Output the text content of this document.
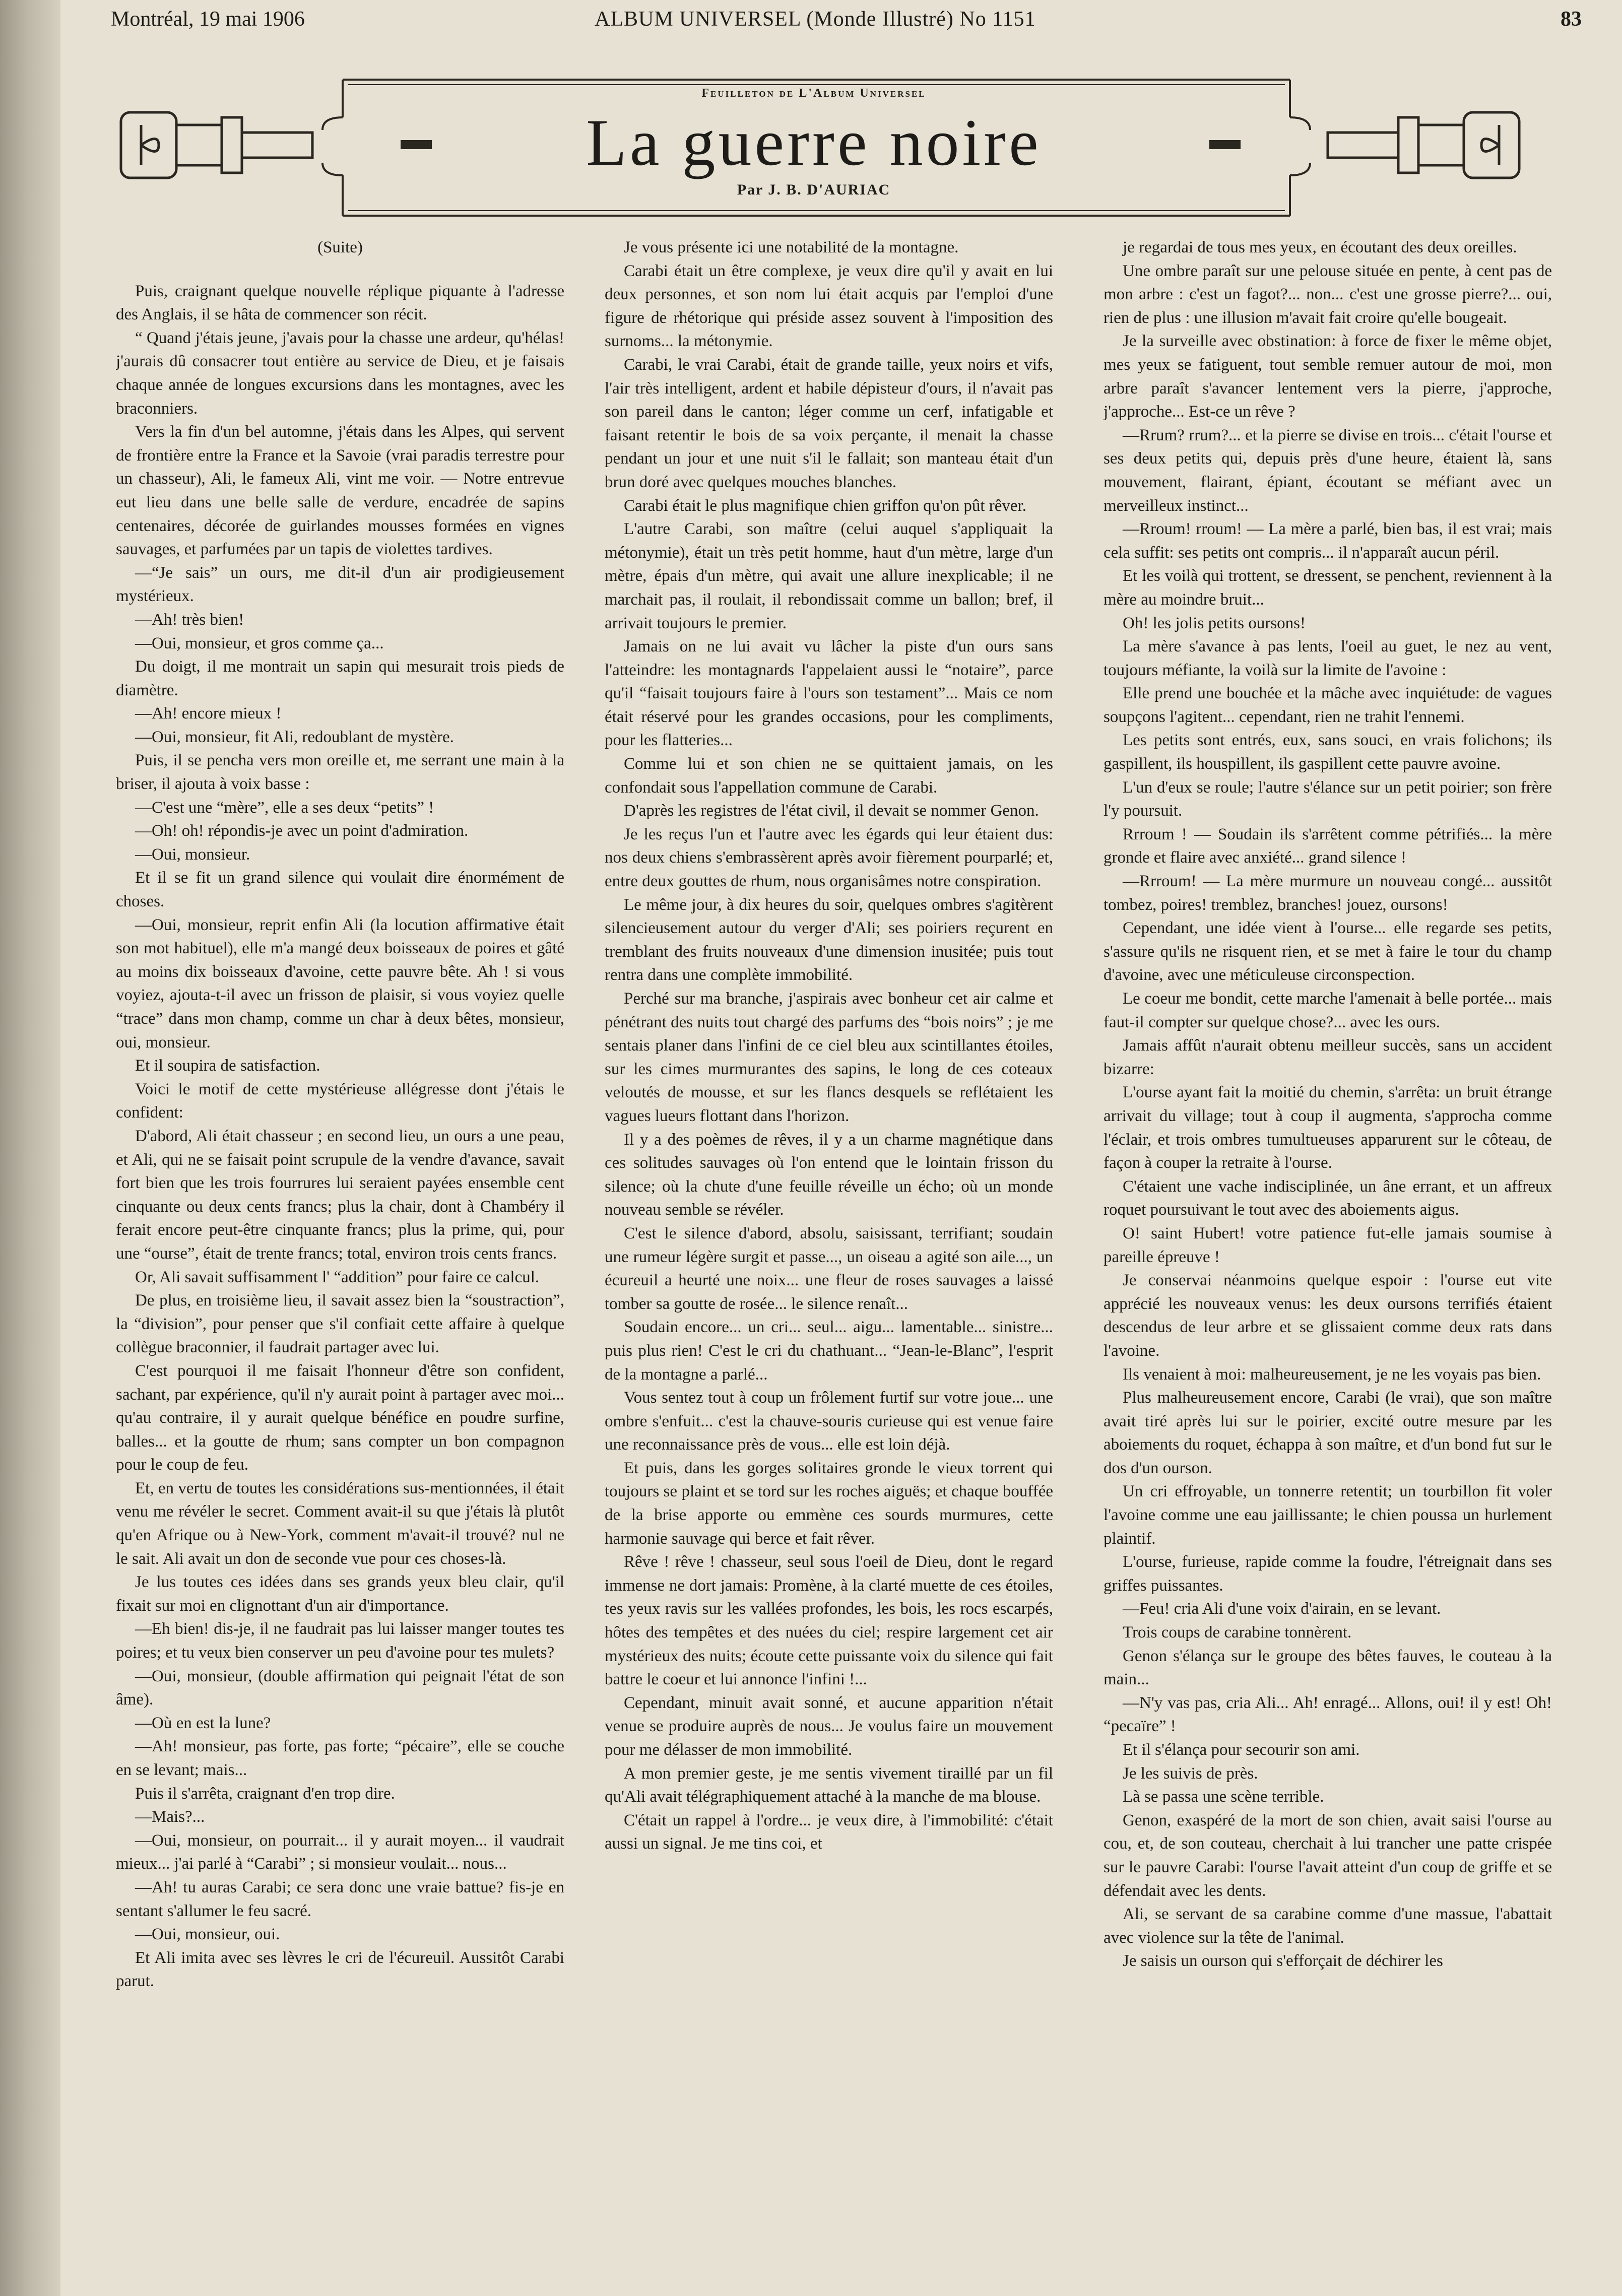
Montréal, 19 mai 1906	ALBUM UNIVERSEL (Monde Illustré) No 1151	83
Feuilleton de L'Album Universel
La guerre noire
Par J. B. D'AURIAC

(Suite)

Puis, craignant quelque nouvelle réplique piquante à l'adresse des Anglais, il se hâta de commencer son récit.

“ Quand j'étais jeune, j'avais pour la chasse une ardeur, qu'hélas! j'aurais dû consacrer tout entière au service de Dieu, et je faisais chaque année de longues excursions dans les montagnes, avec les braconniers.

Vers la fin d'un bel automne, j'étais dans les Alpes, qui servent de frontière entre la France et la Savoie (vrai paradis terrestre pour un chasseur), Ali, le fameux Ali, vint me voir. — Notre entrevue eut lieu dans une belle salle de verdure, encadrée de sapins centenaires, décorée de guirlandes mousses formées en vignes sauvages, et parfumées par un tapis de violettes tardives.

—“Je sais” un ours, me dit-il d'un air prodigieusement mystérieux.

—Ah! très bien!

—Oui, monsieur, et gros comme ça...

Du doigt, il me montrait un sapin qui mesurait trois pieds de diamètre.

—Ah! encore mieux !

—Oui, monsieur, fit Ali, redoublant de mystère.

Puis, il se pencha vers mon oreille et, me serrant une main à la briser, il ajouta à voix basse :

—C'est une “mère”, elle a ses deux “petits” !

—Oh! oh! répondis-je avec un point d'admiration.

—Oui, monsieur.

Et il se fit un grand silence qui voulait dire énormément de choses.

—Oui, monsieur, reprit enfin Ali (la locution affirmative était son mot habituel), elle m'a mangé deux boisseaux de poires et gâté au moins dix boisseaux d'avoine, cette pauvre bête. Ah ! si vous voyiez, ajouta-t-il avec un frisson de plaisir, si vous voyiez quelle “trace” dans mon champ, comme un char à deux bêtes, monsieur, oui, monsieur.

Et il soupira de satisfaction.

Voici le motif de cette mystérieuse allégresse dont j'étais le confident:

D'abord, Ali était chasseur ; en second lieu, un ours a une peau, et Ali, qui ne se faisait point scrupule de la vendre d'avance, savait fort bien que les trois fourrures lui seraient payées ensemble cent cinquante ou deux cents francs; plus la chair, dont à Chambéry il ferait encore peut-être cinquante francs; plus la prime, qui, pour une “ourse”, était de trente francs; total, environ trois cents francs.

Or, Ali savait suffisamment l' “addition” pour faire ce calcul.

De plus, en troisième lieu, il savait assez bien la “soustraction”, la “division”, pour penser que s'il confiait cette affaire à quelque collègue braconnier, il faudrait partager avec lui.

C'est pourquoi il me faisait l'honneur d'être son confident, sachant, par expérience, qu'il n'y aurait point à partager avec moi... qu'au contraire, il y aurait quelque bénéfice en poudre surfine, balles... et la goutte de rhum; sans compter un bon compagnon pour le coup de feu.

Et, en vertu de toutes les considérations sus-mentionnées, il était venu me révéler le secret. Comment avait-il su que j'étais là plutôt qu'en Afrique ou à New-York, comment m'avait-il trouvé? nul ne le sait. Ali avait un don de seconde vue pour ces choses-là.

Je lus toutes ces idées dans ses grands yeux bleu clair, qu'il fixait sur moi en clignottant d'un air d'importance.

—Eh bien! dis-je, il ne faudrait pas lui laisser manger toutes tes poires; et tu veux bien conserver un peu d'avoine pour tes mulets?

—Oui, monsieur, (double affirmation qui peignait l'état de son âme).

—Où en est la lune?

—Ah! monsieur, pas forte, pas forte; “pécaire”, elle se couche en se levant; mais...

Puis il s'arrêta, craignant d'en trop dire.

—Mais?...

—Oui, monsieur, on pourrait... il y aurait moyen... il vaudrait mieux... j'ai parlé à “Carabi” ; si monsieur voulait... nous...

—Ah! tu auras Carabi; ce sera donc une vraie battue? fis-je en sentant s'allumer le feu sacré.

—Oui, monsieur, oui.

Et Ali imita avec ses lèvres le cri de l'écureuil. Aussitôt Carabi parut.

Je vous présente ici une notabilité de la montagne.

Carabi était un être complexe, je veux dire qu'il y avait en lui deux personnes, et son nom lui était acquis par l'emploi d'une figure de rhétorique qui préside assez souvent à l'imposition des surnoms... la métonymie.

Carabi, le vrai Carabi, était de grande taille, yeux noirs et vifs, l'air très intelligent, ardent et habile dépisteur d'ours, il n'avait pas son pareil dans le canton; léger comme un cerf, infatigable et faisant retentir le bois de sa voix perçante, il menait la chasse pendant un jour et une nuit s'il le fallait; son manteau était d'un brun doré avec quelques mouches blanches.

Carabi était le plus magnifique chien griffon qu'on pût rêver.

L'autre Carabi, son maître (celui auquel s'appliquait la métonymie), était un très petit homme, haut d'un mètre, large d'un mètre, épais d'un mètre, qui avait une allure inexplicable; il ne marchait pas, il roulait, il rebondissait comme un ballon; bref, il arrivait toujours le premier.

Jamais on ne lui avait vu lâcher la piste d'un ours sans l'atteindre: les montagnards l'appelaient aussi le “notaire”, parce qu'il “faisait toujours faire à l'ours son testament”... Mais ce nom était réservé pour les grandes occasions, pour les compliments, pour les flatteries...

Comme lui et son chien ne se quittaient jamais, on les confondait sous l'appellation commune de Carabi.

D'après les registres de l'état civil, il devait se nommer Genon.

Je les reçus l'un et l'autre avec les égards qui leur étaient dus: nos deux chiens s'embrassèrent après avoir fièrement pourparlé; et, entre deux gouttes de rhum, nous organisâmes notre conspiration.

Le même jour, à dix heures du soir, quelques ombres s'agitèrent silencieusement autour du verger d'Ali; ses poiriers reçurent en tremblant des fruits nouveaux d'une dimension inusitée; puis tout rentra dans une complète immobilité.

Perché sur ma branche, j'aspirais avec bonheur cet air calme et pénétrant des nuits tout chargé des parfums des “bois noirs” ; je me sentais planer dans l'infini de ce ciel bleu aux scintillantes étoiles, sur les cimes murmurantes des sapins, le long de ces coteaux veloutés de mousse, et sur les flancs desquels se reflétaient les vagues lueurs flottant dans l'horizon.

Il y a des poèmes de rêves, il y a un charme magnétique dans ces solitudes sauvages où l'on entend que le lointain frisson du silence; où la chute d'une feuille réveille un écho; où un monde nouveau semble se révéler.

C'est le silence d'abord, absolu, saisissant, terrifiant; soudain une rumeur légère surgit et passe..., un oiseau a agité son aile..., un écureuil a heurté une noix... une fleur de roses sauvages a laissé tomber sa goutte de rosée... le silence renaît...

Soudain encore... un cri... seul... aigu... lamentable... sinistre... puis plus rien! C'est le cri du chathuant... “Jean-le-Blanc”, l'esprit de la montagne a parlé...

Vous sentez tout à coup un frôlement furtif sur votre joue... une ombre s'enfuit... c'est la chauve-souris curieuse qui est venue faire une reconnaissance près de vous... elle est loin déjà.

Et puis, dans les gorges solitaires gronde le vieux torrent qui toujours se plaint et se tord sur les roches aiguës; et chaque bouffée de la brise apporte ou emmène ces sourds murmures, cette harmonie sauvage qui berce et fait rêver.

Rêve ! rêve ! chasseur, seul sous l'oeil de Dieu, dont le regard immense ne dort jamais: Promène, à la clarté muette de ces étoiles, tes yeux ravis sur les vallées profondes, les bois, les rocs escarpés, hôtes des tempêtes et des nuées du ciel; respire largement cet air mystérieux des nuits; écoute cette puissante voix du silence qui fait battre le coeur et lui annonce l'infini !...

Cependant, minuit avait sonné, et aucune apparition n'était venue se produire auprès de nous... Je voulus faire un mouvement pour me délasser de mon immobilité.

A mon premier geste, je me sentis vivement tiraillé par un fil qu'Ali avait télégraphiquement attaché à la manche de ma blouse.

C'était un rappel à l'ordre... je veux dire, à l'immobilité: c'était aussi un signal. Je me tins coi, et

je regardai de tous mes yeux, en écoutant des deux oreilles.

Une ombre paraît sur une pelouse située en pente, à cent pas de mon arbre : c'est un fagot?... non... c'est une grosse pierre?... oui, rien de plus : une illusion m'avait fait croire qu'elle bougeait.

Je la surveille avec obstination: à force de fixer le même objet, mes yeux se fatiguent, tout semble remuer autour de moi, mon arbre paraît s'avancer lentement vers la pierre, j'approche, j'approche... Est-ce un rêve ?

—Rrum? rrum?... et la pierre se divise en trois... c'était l'ourse et ses deux petits qui, depuis près d'une heure, étaient là, sans mouvement, flairant, épiant, écoutant se méfiant avec un merveilleux instinct...

—Rroum! rroum! — La mère a parlé, bien bas, il est vrai; mais cela suffit: ses petits ont compris... il n'apparaît aucun péril.

Et les voilà qui trottent, se dressent, se penchent, reviennent à la mère au moindre bruit...

Oh! les jolis petits oursons!

La mère s'avance à pas lents, l'oeil au guet, le nez au vent, toujours méfiante, la voilà sur la limite de l'avoine :

Elle prend une bouchée et la mâche avec inquiétude: de vagues soupçons l'agitent... cependant, rien ne trahit l'ennemi.

Les petits sont entrés, eux, sans souci, en vrais folichons; ils gaspillent, ils houspillent, ils gaspillent cette pauvre avoine.

L'un d'eux se roule; l'autre s'élance sur un petit poirier; son frère l'y poursuit.

Rrroum ! — Soudain ils s'arrêtent comme pétrifiés... la mère gronde et flaire avec anxiété... grand silence !

—Rrroum! — La mère murmure un nouveau congé... aussitôt tombez, poires! tremblez, branches! jouez, oursons!

Cependant, une idée vient à l'ourse... elle regarde ses petits, s'assure qu'ils ne risquent rien, et se met à faire le tour du champ d'avoine, avec une méticuleuse circonspection.

Le coeur me bondit, cette marche l'amenait à belle portée... mais faut-il compter sur quelque chose?... avec les ours.

Jamais affût n'aurait obtenu meilleur succès, sans un accident bizarre:

L'ourse ayant fait la moitié du chemin, s'arrêta: un bruit étrange arrivait du village; tout à coup il augmenta, s'approcha comme l'éclair, et trois ombres tumultueuses apparurent sur le côteau, de façon à couper la retraite à l'ourse.

C'étaient une vache indisciplinée, un âne errant, et un affreux roquet poursuivant le tout avec des aboiements aigus.

O! saint Hubert! votre patience fut-elle jamais soumise à pareille épreuve !

Je conservai néanmoins quelque espoir : l'ourse eut vite apprécié les nouveaux venus: les deux oursons terrifiés étaient descendus de leur arbre et se glissaient comme deux rats dans l'avoine.

Ils venaient à moi: malheureusement, je ne les voyais pas bien.

Plus malheureusement encore, Carabi (le vrai), que son maître avait tiré après lui sur le poirier, excité outre mesure par les aboiements du roquet, échappa à son maître, et d'un bond fut sur le dos d'un ourson.

Un cri effroyable, un tonnerre retentit; un tourbillon fit voler l'avoine comme une eau jaillissante; le chien poussa un hurlement plaintif.

L'ourse, furieuse, rapide comme la foudre, l'étreignait dans ses griffes puissantes.

—Feu! cria Ali d'une voix d'airain, en se levant.

Trois coups de carabine tonnèrent.

Genon s'élança sur le groupe des bêtes fauves, le couteau à la main...

—N'y vas pas, cria Ali... Ah! enragé... Allons, oui! il y est! Oh! “pecaïre” !

Et il s'élança pour secourir son ami.

Je les suivis de près.

Là se passa une scène terrible.

Genon, exaspéré de la mort de son chien, avait saisi l'ourse au cou, et, de son couteau, cherchait à lui trancher une patte crispée sur le pauvre Carabi: l'ourse l'avait atteint d'un coup de griffe et se défendait avec les dents.

Ali, se servant de sa carabine comme d'une massue, l'abattait avec violence sur la tête de l'animal.

Je saisis un ourson qui s'efforçait de déchirer les
